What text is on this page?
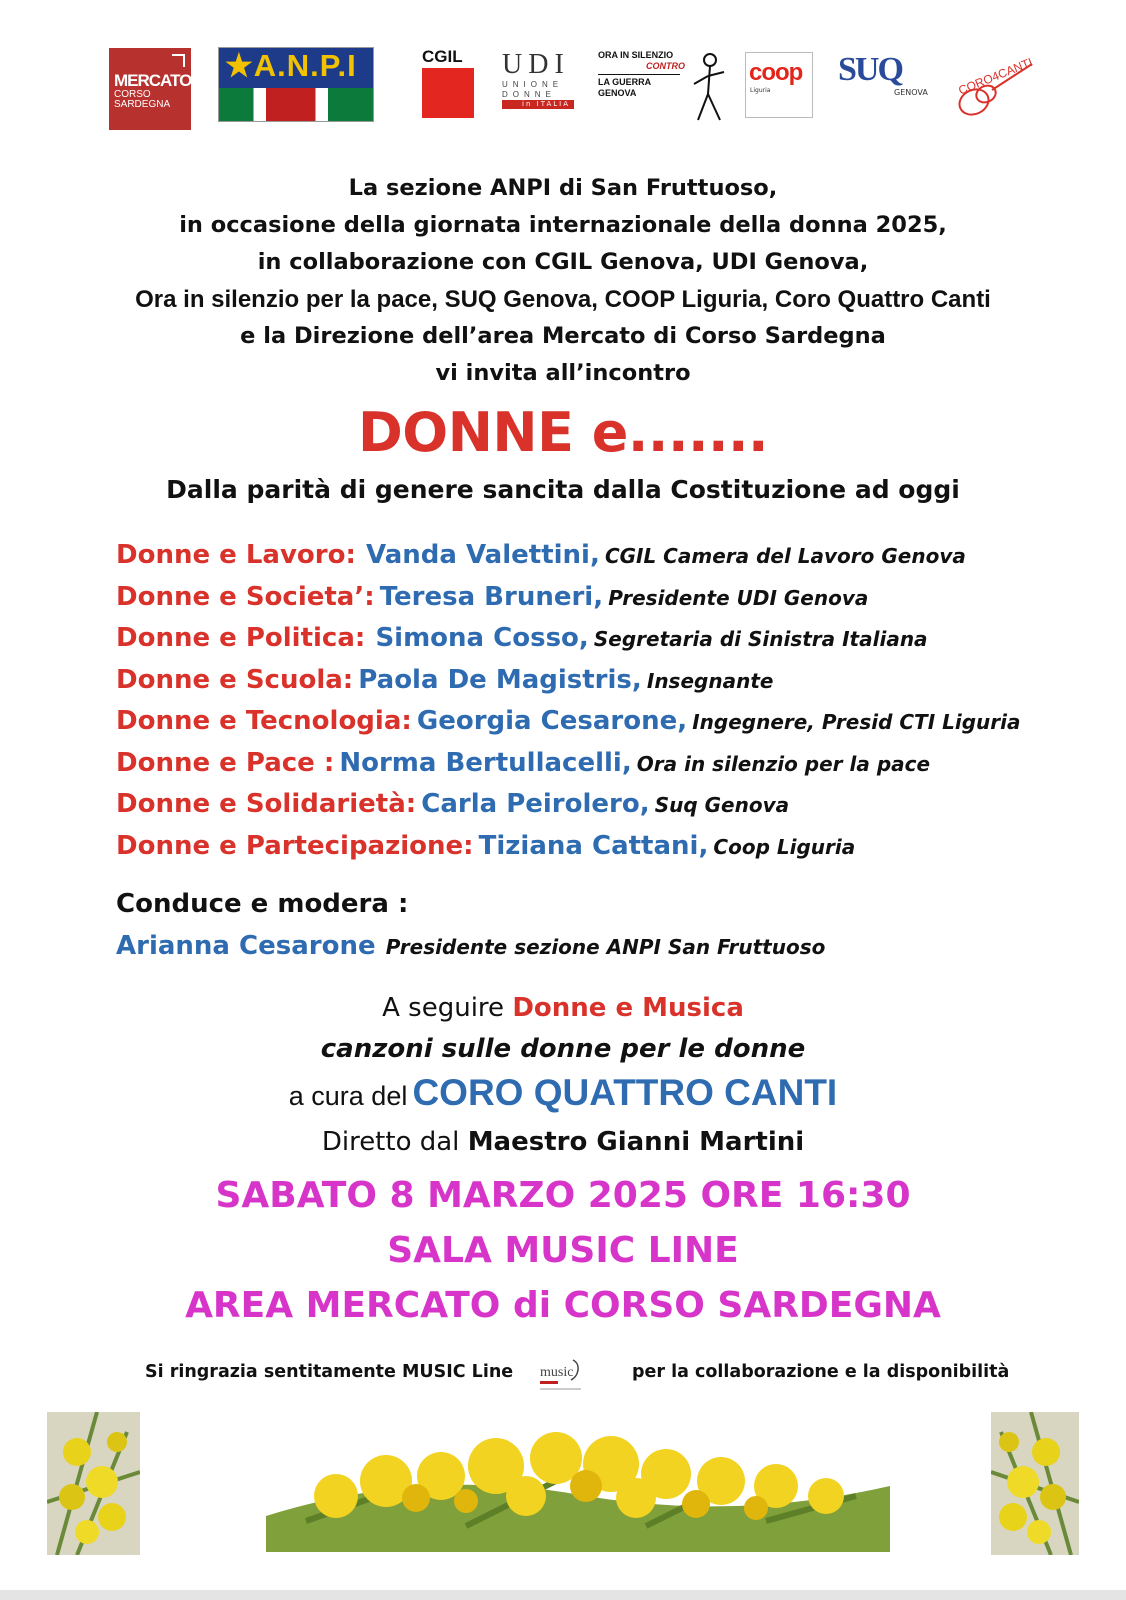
MERCATO
CORSO
SARDEGNA
★A.N.P.I	CGIL	UDI
UNIONE
DONNE
in ITALIA
ORA IN SILENZIO
CONTRO
LA GUERRA
GENOVA
coop
Liguria
SUQ
GENOVA	CORO4CANTI
La sezione ANPI di San Fruttuoso,
in occasione della giornata internazionale della donna 2025,
in collaborazione con CGIL Genova, UDI Genova,
Ora in silenzio per la pace, SUQ Genova, COOP Liguria, Coro Quattro Canti
e la Direzione dell’area Mercato di Corso Sardegna
vi invita all’incontro
DONNE e.......
Dalla parità di genere sancita dalla Costituzione ad oggi
Donne e Lavoro: Vanda Valettini, CGIL Camera del Lavoro Genova
Donne e Societa’: Teresa Bruneri, Presidente UDI Genova
Donne e Politica: Simona Cosso, Segretaria di Sinistra Italiana
Donne e Scuola: Paola De Magistris, Insegnante
Donne e Tecnologia: Georgia Cesarone, Ingegnere, Presid CTI Liguria
Donne e Pace : Norma Bertullacelli, Ora in silenzio per la pace
Donne e Solidarietà: Carla Peirolero, Suq Genova
Donne e Partecipazione: Tiziana Cattani, Coop Liguria
Conduce e modera :
Arianna Cesarone Presidente sezione ANPI San Fruttuoso
A seguire Donne e Musica
canzoni sulle donne per le donne
a cura del CORO QUATTRO CANTI
Diretto dal Maestro Gianni Martini
SABATO 8 MARZO 2025 ORE 16:30
SALA MUSIC LINE
AREA MERCATO di CORSO SARDEGNA
Si ringrazia sentitamente MUSIC Line music	per la collaborazione e la disponibilità
